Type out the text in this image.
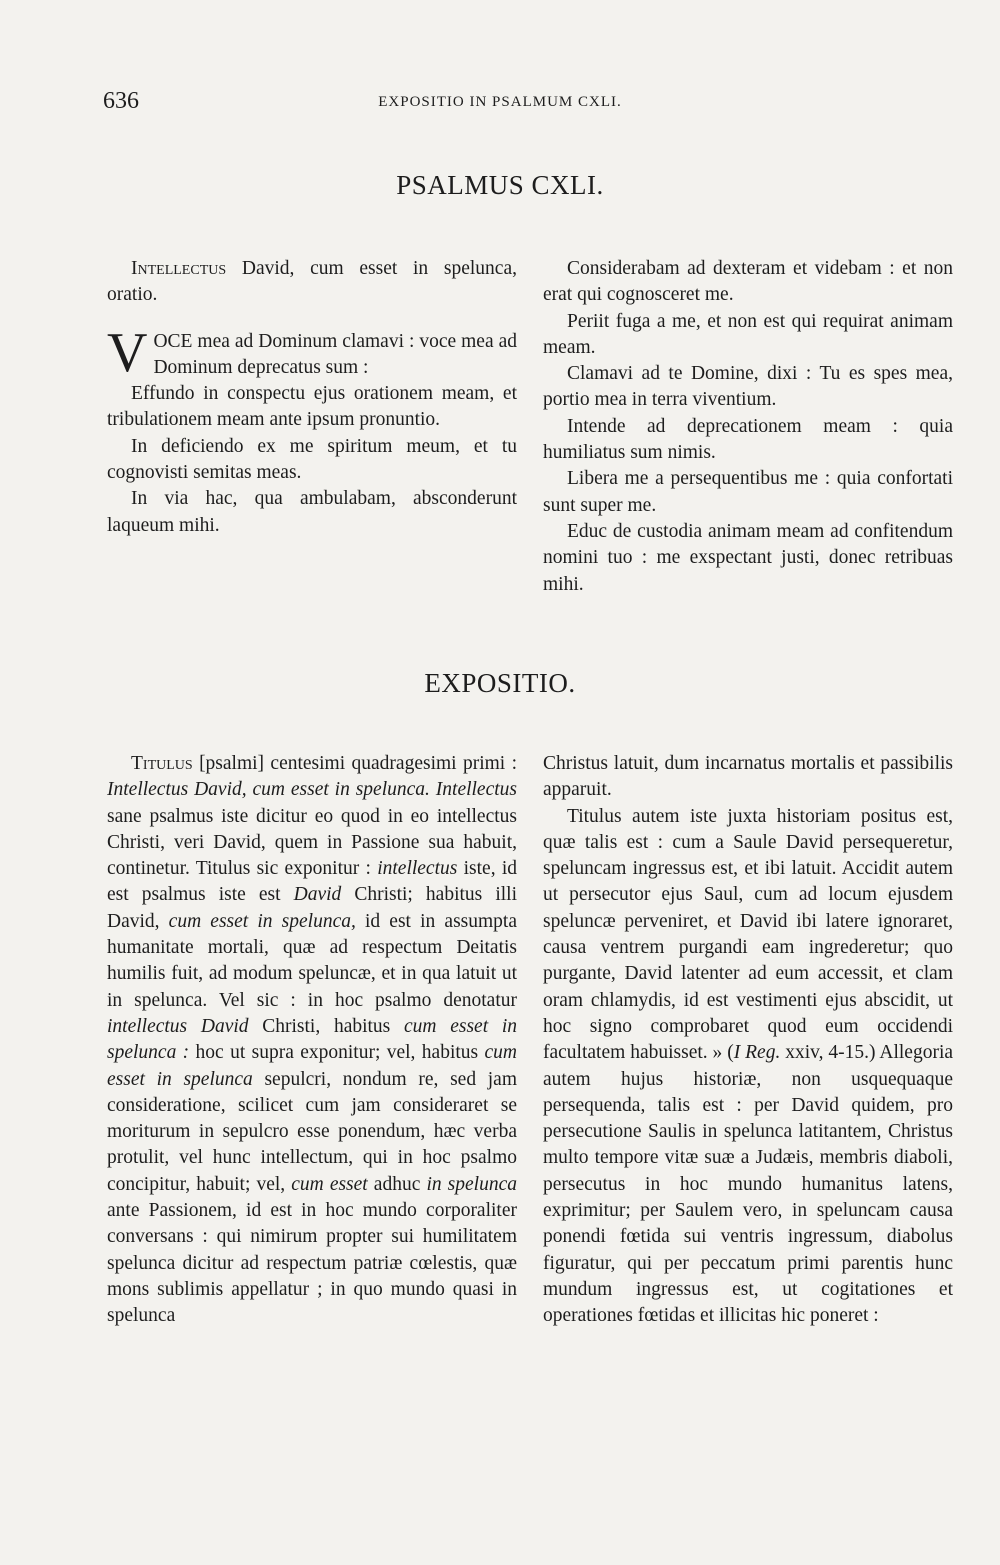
636	EXPOSITIO IN PSALMUM CXLI.
PSALMUS CXLI.

Intellectus David, cum esset in spelunca, oratio.

VOCE mea ad Dominum clamavi : voce mea ad Dominum deprecatus sum :

Effundo in conspectu ejus orationem meam, et tribulationem meam ante ipsum pronuntio.

In deficiendo ex me spiritum meum, et tu cognovisti semitas meas.

In via hac, qua ambulabam, absconderunt laqueum mihi.

Considerabam ad dexteram et videbam : et non erat qui cognosceret me.

Periit fuga a me, et non est qui requirat animam meam.

Clamavi ad te Domine, dixi : Tu es spes mea, portio mea in terra viventium.

Intende ad deprecationem meam : quia humiliatus sum nimis.

Libera me a persequentibus me : quia confortati sunt super me.

Educ de custodia animam meam ad confitendum nomini tuo : me exspectant justi, donec retribuas mihi.

EXPOSITIO.

Titulus [psalmi] centesimi quadragesimi primi : Intellectus David, cum esset in spelunca. Intellectus sane psalmus iste dicitur eo quod in eo intellectus Christi, veri David, quem in Passione sua habuit, continetur. Titulus sic exponitur : intellectus iste, id est psalmus iste est David Christi; habitus illi David, cum esset in spelunca, id est in assumpta humanitate mortali, quæ ad respectum Deitatis humilis fuit, ad modum speluncæ, et in qua latuit ut in spelunca. Vel sic : in hoc psalmo denotatur intellectus David Christi, habitus cum esset in spelunca : hoc ut supra exponitur; vel, habitus cum esset in spelunca sepulcri, nondum re, sed jam consideratione, scilicet cum jam consideraret se moriturum in sepulcro esse ponendum, hæc verba protulit, vel hunc intellectum, qui in hoc psalmo concipitur, habuit; vel, cum esset adhuc in spelunca ante Passionem, id est in hoc mundo corporaliter conversans : qui nimirum propter sui humilitatem spelunca dicitur ad respectum patriæ cœlestis, quæ mons sublimis appellatur ; in quo mundo quasi in spelunca

Christus latuit, dum incarnatus mortalis et passibilis apparuit.

Titulus autem iste juxta historiam positus est, quæ talis est : cum a Saule David persequeretur, speluncam ingressus est, et ibi latuit. Accidit autem ut persecutor ejus Saul, cum ad locum ejusdem speluncæ perveniret, et David ibi latere ignoraret, causa ventrem purgandi eam ingrederetur; quo purgante, David latenter ad eum accessit, et clam oram chlamydis, id est vestimenti ejus abscidit, ut hoc signo comprobaret quod eum occidendi facultatem habuisset. » (I Reg. xxiv, 4-15.) Allegoria autem hujus historiæ, non usquequaque persequenda, talis est : per David quidem, pro persecutione Saulis in spelunca latitantem, Christus multo tempore vitæ suæ a Judæis, membris diaboli, persecutus in hoc mundo humanitus latens, exprimitur; per Saulem vero, in speluncam causa ponendi fœtida sui ventris ingressum, diabolus figuratur, qui per peccatum primi parentis hunc mundum ingressus est, ut cogitationes et operationes fœtidas et illicitas hic poneret :
